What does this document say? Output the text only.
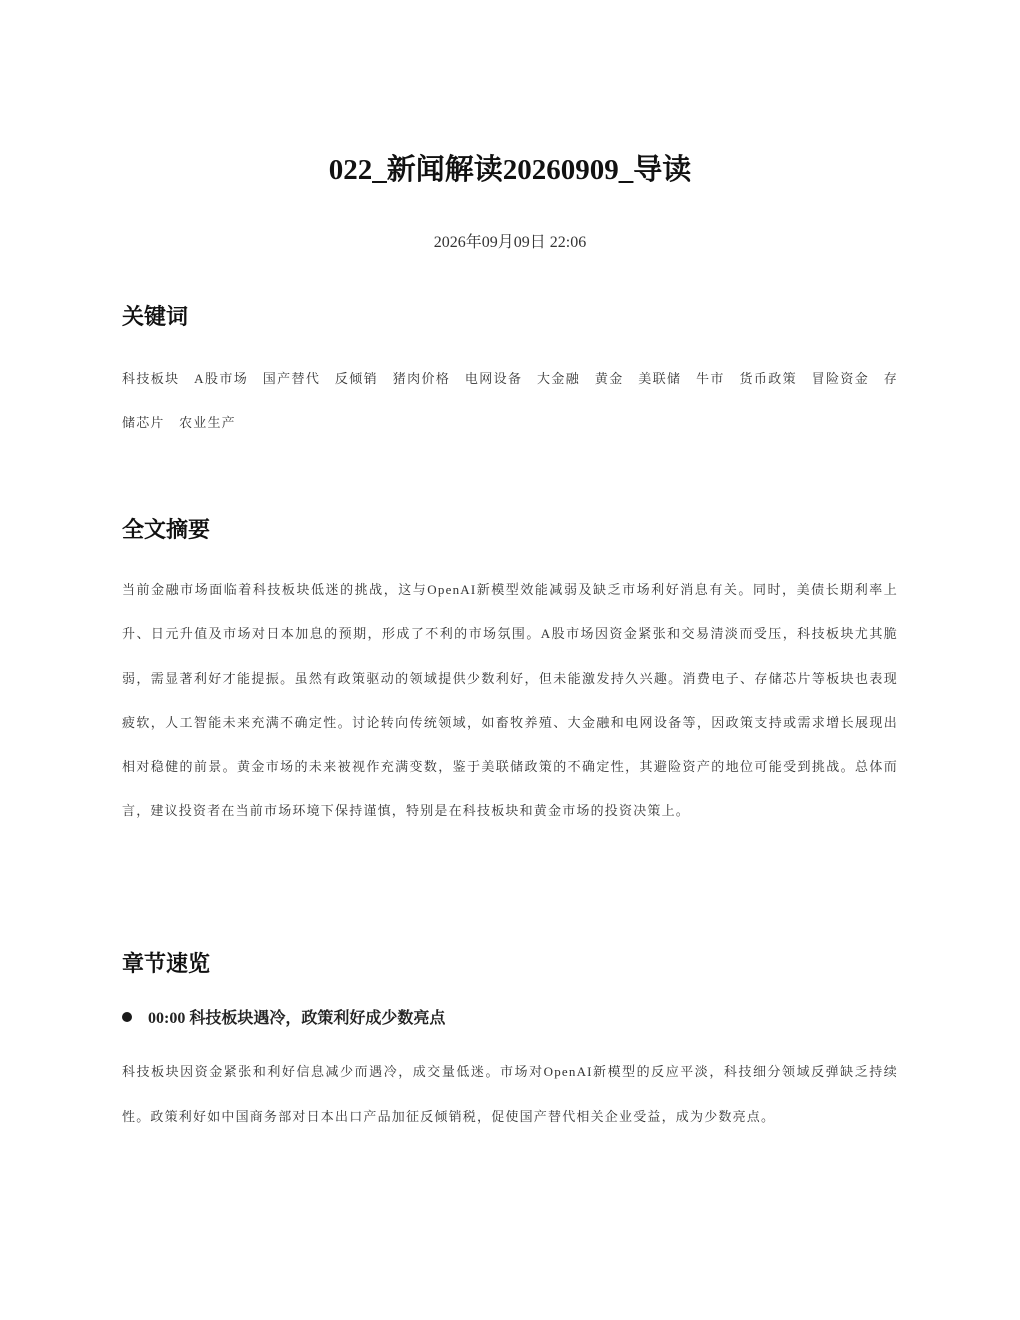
022_新闻解读20260909_导读
2026年09月09日 22:06
关键词
科技板块 A股市场 国产替代 反倾销 猪肉价格 电网设备 大金融 黄金 美联储 牛市 货币政策 冒险资金 存储芯片 农业生产
全文摘要
当前金融市场面临着科技板块低迷的挑战，这与OpenAI新模型效能减弱及缺乏市场利好消息有关。同时，美债长期利率上升、日元升值及市场对日本加息的预期，形成了不利的市场氛围。A股市场因资金紧张和交易清淡而受压，科技板块尤其脆弱，需显著利好才能提振。虽然有政策驱动的领域提供少数利好，但未能激发持久兴趣。消费电子、存储芯片等板块也表现疲软，人工智能未来充满不确定性。讨论转向传统领域，如畜牧养殖、大金融和电网设备等，因政策支持或需求增长展现出相对稳健的前景。黄金市场的未来被视作充满变数，鉴于美联储政策的不确定性，其避险资产的地位可能受到挑战。总体而言，建议投资者在当前市场环境下保持谨慎，特别是在科技板块和黄金市场的投资决策上。
章节速览
00:00 科技板块遇冷，政策利好成少数亮点
科技板块因资金紧张和利好信息减少而遇冷，成交量低迷。市场对OpenAI新模型的反应平淡，科技细分领域反弹缺乏持续性。政策利好如中国商务部对日本出口产品加征反倾销税，促使国产替代相关企业受益，成为少数亮点。
